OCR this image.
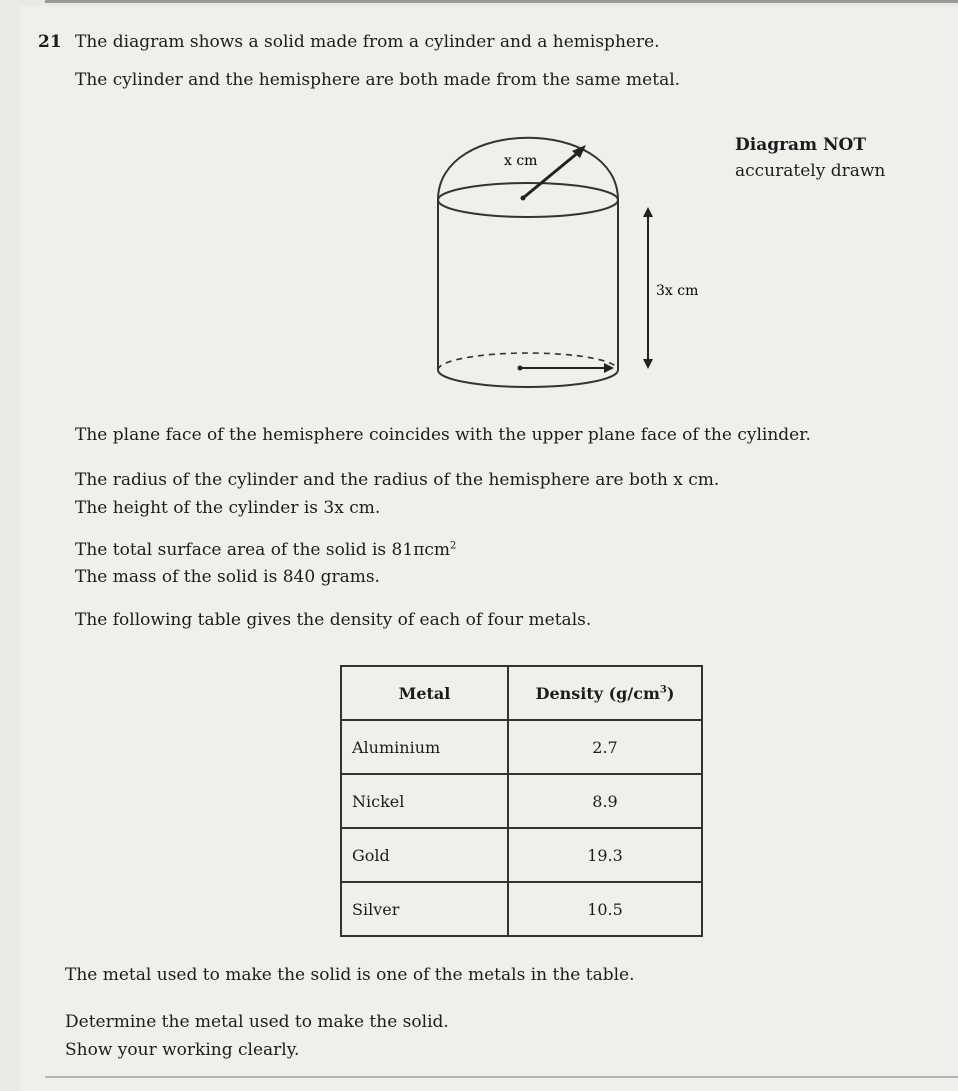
21 The diagram shows a solid made from a cylinder and a hemisphere.
The cylinder and the hemisphere are both made from the same metal.
Diagram NOT
accurately drawn
x cm
3x cm
The plane face of the hemisphere coincides with the upper plane face of the cylinder.
The radius of the cylinder and the radius of the hemisphere are both x cm.
The height of the cylinder is 3x cm.
The total surface area of the solid is 81πcm$^2$
The mass of the solid is 840 grams.
The following table gives the density of each of four metals.
Metal	Density $(g/cm^3)$
Aluminium	2.7
Nickel	8.9
Gold	19.3
Silver	10.5
The metal used to make the solid is one of the metals in the table.
Determine the metal used to make the solid.
Show your working clearly.
